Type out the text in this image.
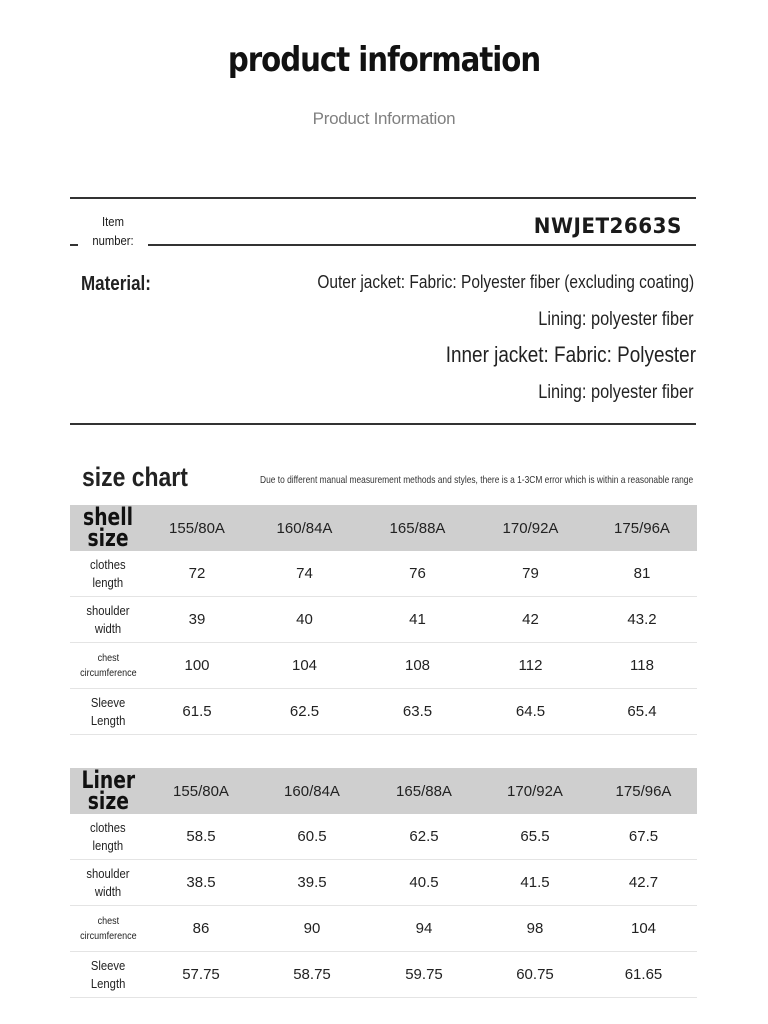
product information
Product Information
Item
number:
NWJET2663S
Material:	Outer jacket: Fabric: Polyester fiber (excluding coating)
Lining: polyester fiber
Inner jacket: Fabric: Polyester
Lining: polyester fiber
size chart	Due to different manual measurement methods and styles, there is a 1-3CM error which is within a reasonable range
shell
size	155/80A	160/84A	165/88A	170/92A	175/96A

clothes
length	72	74	76	79	81

shoulder
width	39	40	41	42	43.2

chest
circumference	100	104	108	112	118

Sleeve
Length	61.5	62.5	63.5	64.5	65.4
Liner
size	155/80A	160/84A	165/88A	170/92A	175/96A

clothes
length	58.5	60.5	62.5	65.5	67.5

shoulder
width	38.5	39.5	40.5	41.5	42.7

chest
circumference	86	90	94	98	104

Sleeve
Length	57.75	58.75	59.75	60.75	61.65
